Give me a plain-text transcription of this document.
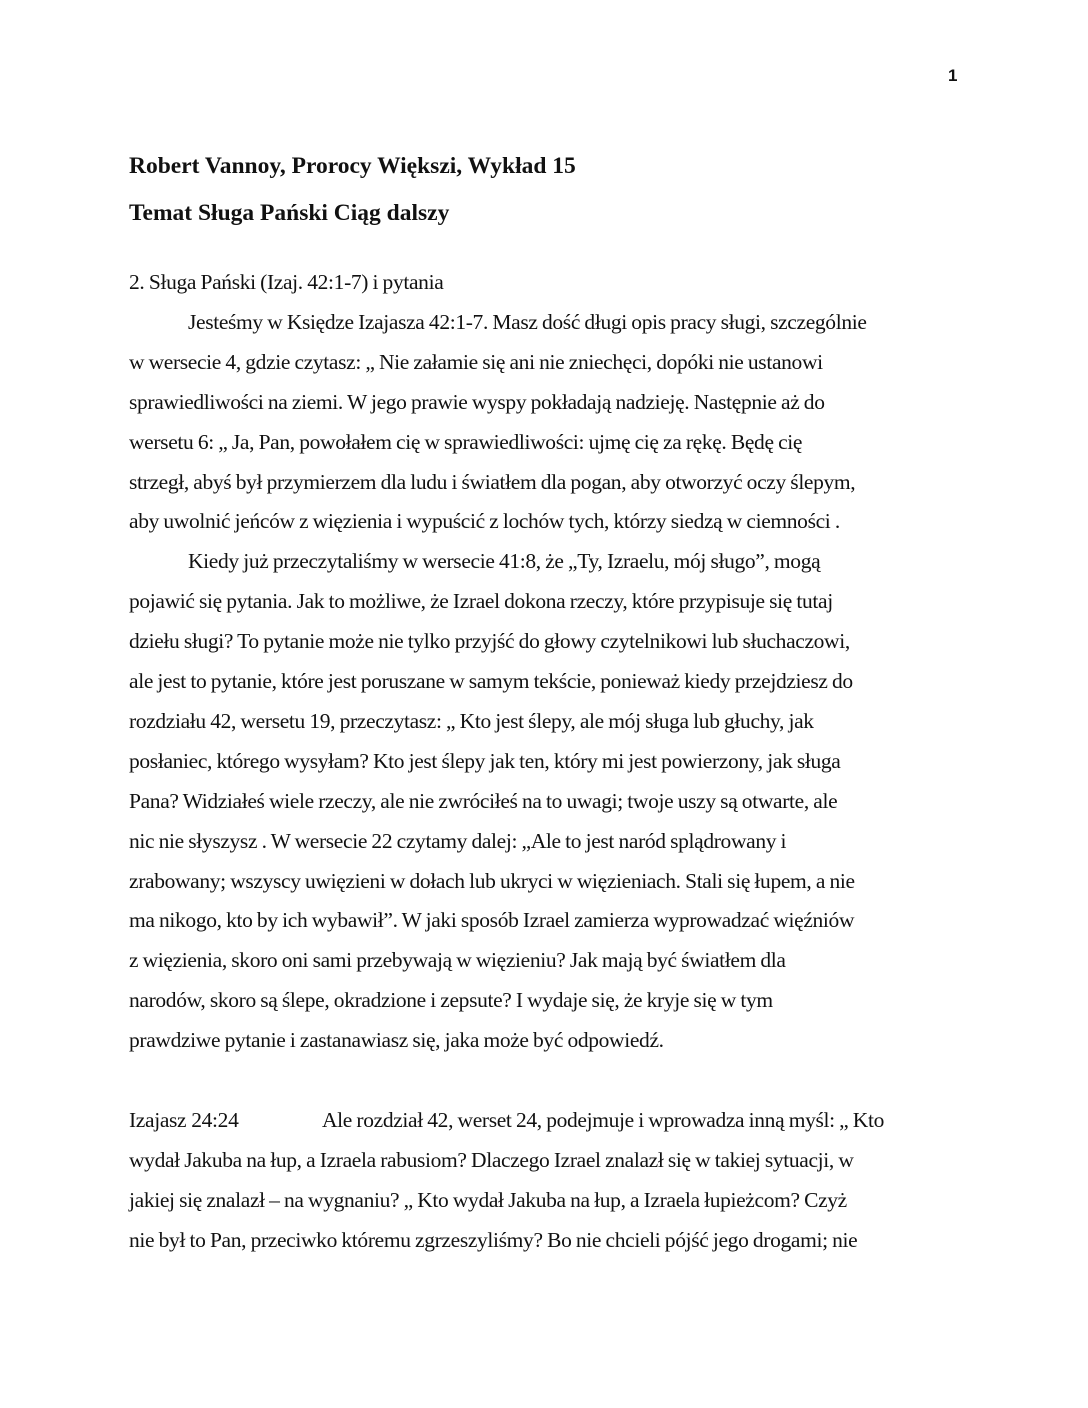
1
Robert Vannoy, Prorocy Większi, Wykład 15
Temat Sługa Pański Ciąg dalszy
2. Sługa Pański (Izaj. 42:1-7) i pytania
Jesteśmy w Księdze Izajasza 42:1-7. Masz dość długi opis pracy sługi, szczególnie
w wersecie 4, gdzie czytasz: „ Nie załamie się ani nie zniechęci, dopóki nie ustanowi
sprawiedliwości na ziemi. W jego prawie wyspy pokładają nadzieję. Następnie aż do
wersetu 6: „ Ja, Pan, powołałem cię w sprawiedliwości: ujmę cię za rękę. Będę cię
strzegł, abyś był przymierzem dla ludu i światłem dla pogan, aby otworzyć oczy ślepym,
aby uwolnić jeńców z więzienia i wypuścić z lochów tych, którzy siedzą w ciemności .
Kiedy już przeczytaliśmy w wersecie 41:8, że „Ty, Izraelu, mój sługo”, mogą
pojawić się pytania. Jak to możliwe, że Izrael dokona rzeczy, które przypisuje się tutaj
dziełu sługi? To pytanie może nie tylko przyjść do głowy czytelnikowi lub słuchaczowi,
ale jest to pytanie, które jest poruszane w samym tekście, ponieważ kiedy przejdziesz do
rozdziału 42, wersetu 19, przeczytasz: „ Kto jest ślepy, ale mój sługa lub głuchy, jak
posłaniec, którego wysyłam? Kto jest ślepy jak ten, który mi jest powierzony, jak sługa
Pana? Widziałeś wiele rzeczy, ale nie zwróciłeś na to uwagi; twoje uszy są otwarte, ale
nic nie słyszysz . W wersecie 22 czytamy dalej: „Ale to jest naród splądrowany i
zrabowany; wszyscy uwięzieni w dołach lub ukryci w więzieniach. Stali się łupem, a nie
ma nikogo, kto by ich wybawił”. W jaki sposób Izrael zamierza wyprowadzać więźniów
z więzienia, skoro oni sami przebywają w więzieniu? Jak mają być światłem dla
narodów, skoro są ślepe, okradzione i zepsute? I wydaje się, że kryje się w tym
prawdziwe pytanie i zastanawiasz się, jaka może być odpowiedź.
Izajasz 24:24	Ale rozdział 42, werset 24, podejmuje i wprowadza inną myśl: „ Kto
wydał Jakuba na łup, a Izraela rabusiom? Dlaczego Izrael znalazł się w takiej sytuacji, w
jakiej się znalazł – na wygnaniu? „ Kto wydał Jakuba na łup, a Izraela łupieżcom? Czyż
nie był to Pan, przeciwko któremu zgrzeszyliśmy? Bo nie chcieli pójść jego drogami; nie
